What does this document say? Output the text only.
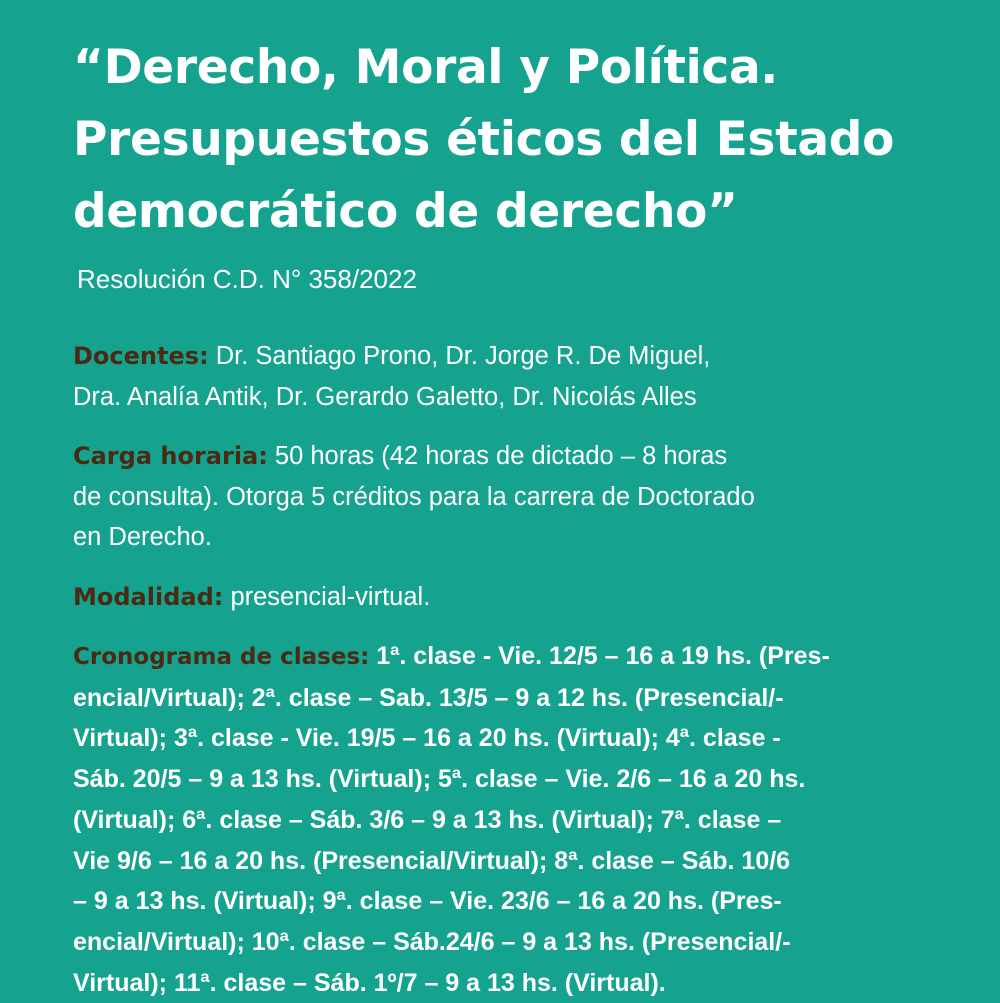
“Derecho, Moral y Política.
Presupuestos éticos del Estado
democrático de derecho”
Resolución C.D. N° 358/2022
Docentes: Dr. Santiago Prono, Dr. Jorge R. De Miguel,
Dra. Analía Antik, Dr. Gerardo Galetto, Dr. Nicolás Alles
Carga horaria: 50 horas (42 horas de dictado – 8 horas
de consulta). Otorga 5 créditos para la carrera de Doctorado
en Derecho.
Modalidad: presencial-virtual.
Cronograma de clases: 1ª. clase - Vie. 12/5 – 16 a 19 hs. (Pres-
encial/Virtual); 2ª. clase – Sab. 13/5 – 9 a 12 hs. (Presencial/-
Virtual); 3ª. clase - Vie. 19/5 – 16 a 20 hs. (Virtual); 4ª. clase -
Sáb. 20/5 – 9 a 13 hs. (Virtual); 5ª. clase – Vie. 2/6 – 16 a 20 hs.
(Virtual); 6ª. clase – Sáb. 3/6 – 9 a 13 hs. (Virtual); 7ª. clase –
Vie 9/6 – 16 a 20 hs. (Presencial/Virtual); 8ª. clase – Sáb. 10/6
– 9 a 13 hs. (Virtual); 9ª. clase – Vie. 23/6 – 16 a 20 hs. (Pres-
encial/Virtual); 10ª. clase – Sáb.24/6 – 9 a 13 hs. (Presencial/-
Virtual); 11ª. clase – Sáb. 1º/7 – 9 a 13 hs. (Virtual).
